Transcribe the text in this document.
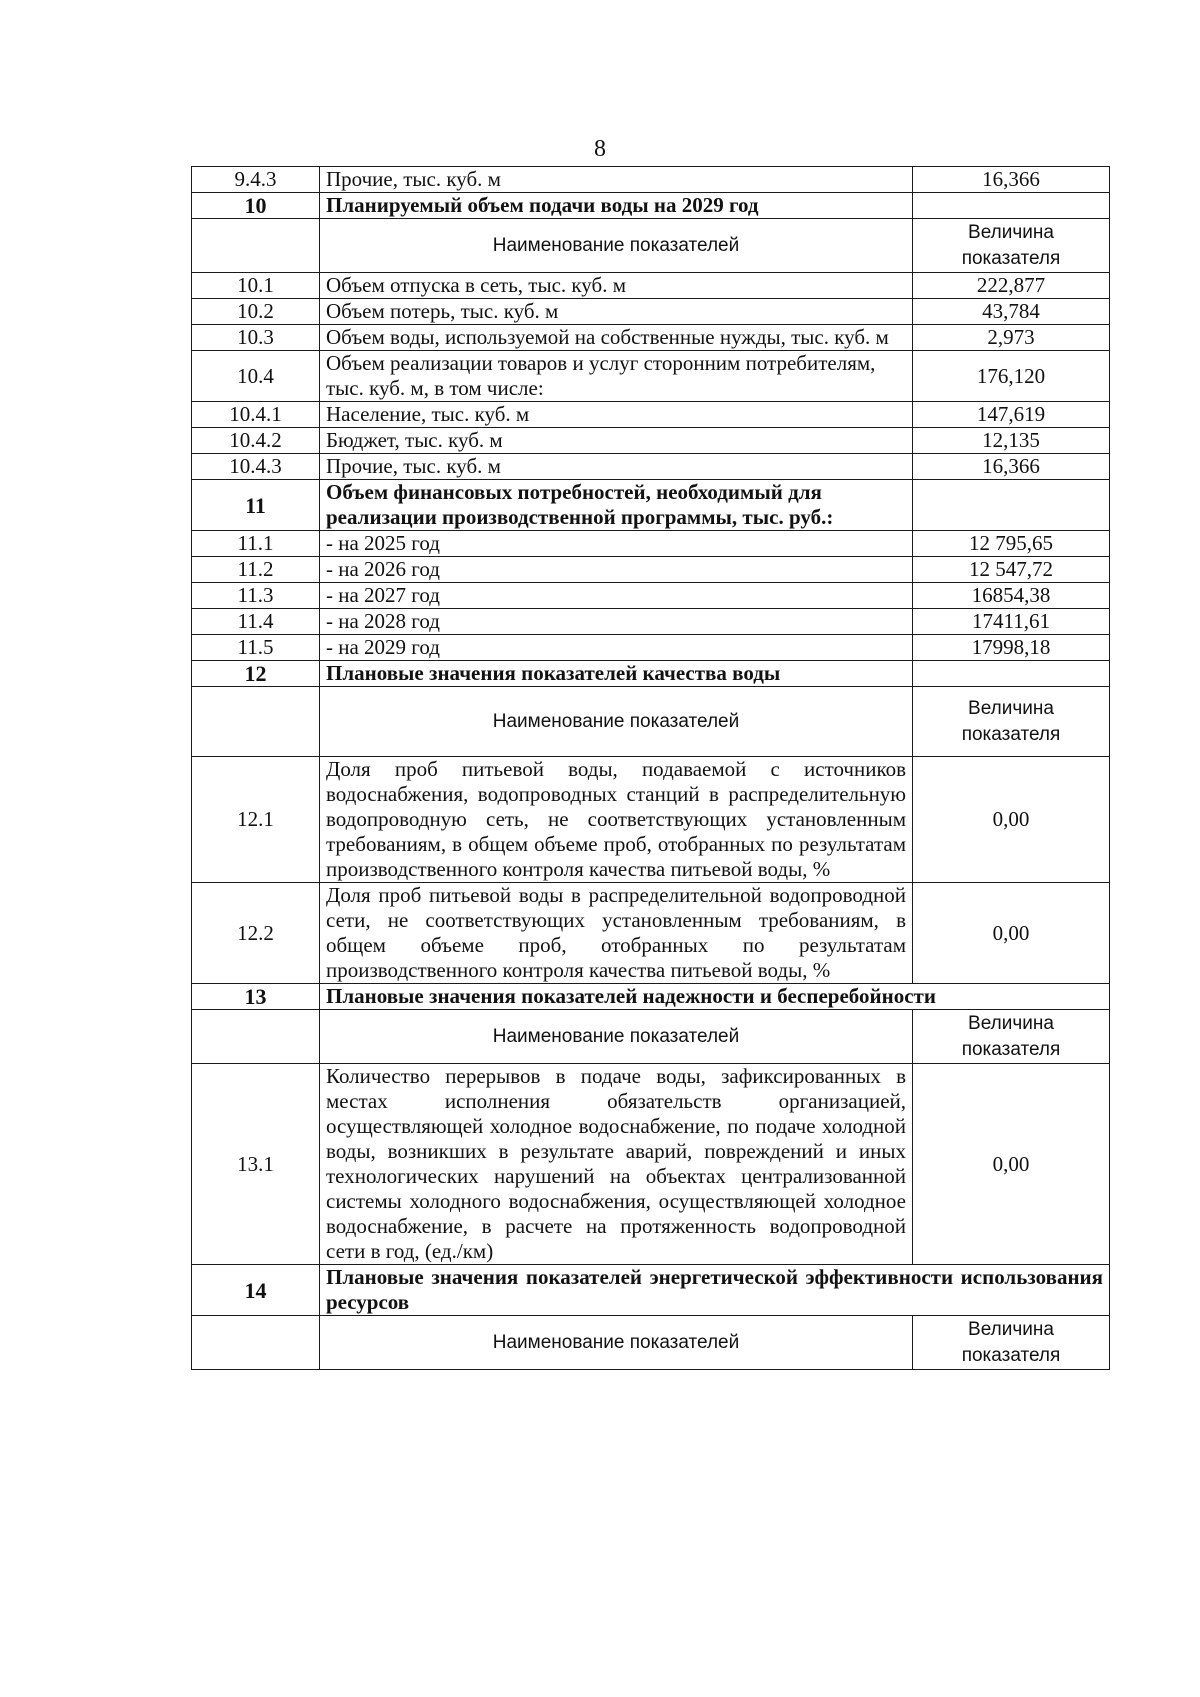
8
9.4.3	Прочие, тыс. куб. м	16,366
10	Планируемый объем подачи воды на 2029 год	
	Наименование показателей	Величина показателя
10.1	Объем отпуска в сеть, тыс. куб. м	222,877
10.2	Объем потерь, тыс. куб. м	43,784
10.3	Объем воды, используемой на собственные нужды, тыс. куб. м	2,973
10.4	Объем реализации товаров и услуг сторонним потребителям, тыс. куб. м, в том числе:	176,120
10.4.1	Население, тыс. куб. м	147,619
10.4.2	Бюджет, тыс. куб. м	12,135
10.4.3	Прочие, тыс. куб. м	16,366
11	Объем финансовых потребностей, необходимый для реализации производственной программы, тыс. руб.:	
11.1	- на 2025 год	12 795,65
11.2	- на 2026 год	12 547,72
11.3	- на 2027 год	16854,38
11.4	- на 2028 год	17411,61
11.5	- на 2029 год	17998,18
12	Плановые значения показателей качества воды	
	Наименование показателей	Величина показателя
12.1	Доля проб питьевой воды, подаваемой с источников водоснабжения, водопроводных станций в распределительную водопроводную сеть, не соответствующих установленным требованиям, в общем объеме проб, отобранных по результатам производственного контроля качества питьевой воды, %	0,00
12.2	Доля проб питьевой воды в распределительной водопроводной сети, не соответствующих установленным требованиям, в общем объеме проб, отобранных по результатам производственного контроля качества питьевой воды, %	0,00
13	Плановые значения показателей надежности и бесперебойности	
	Наименование показателей	Величина показателя
13.1	Количество перерывов в подаче воды, зафиксированных в местах исполнения обязательств организацией, осуществляющей холодное водоснабжение, по подаче холодной воды, возникших в результате аварий, повреждений и иных технологических нарушений на объектах централизованной системы холодного водоснабжения, осуществляющей холодное водоснабжение, в расчете на протяженность водопроводной сети в год, (ед./км)	0,00
14	Плановые значения показателей энергетической эффективности использования ресурсов	
	Наименование показателей	Величина показателя
